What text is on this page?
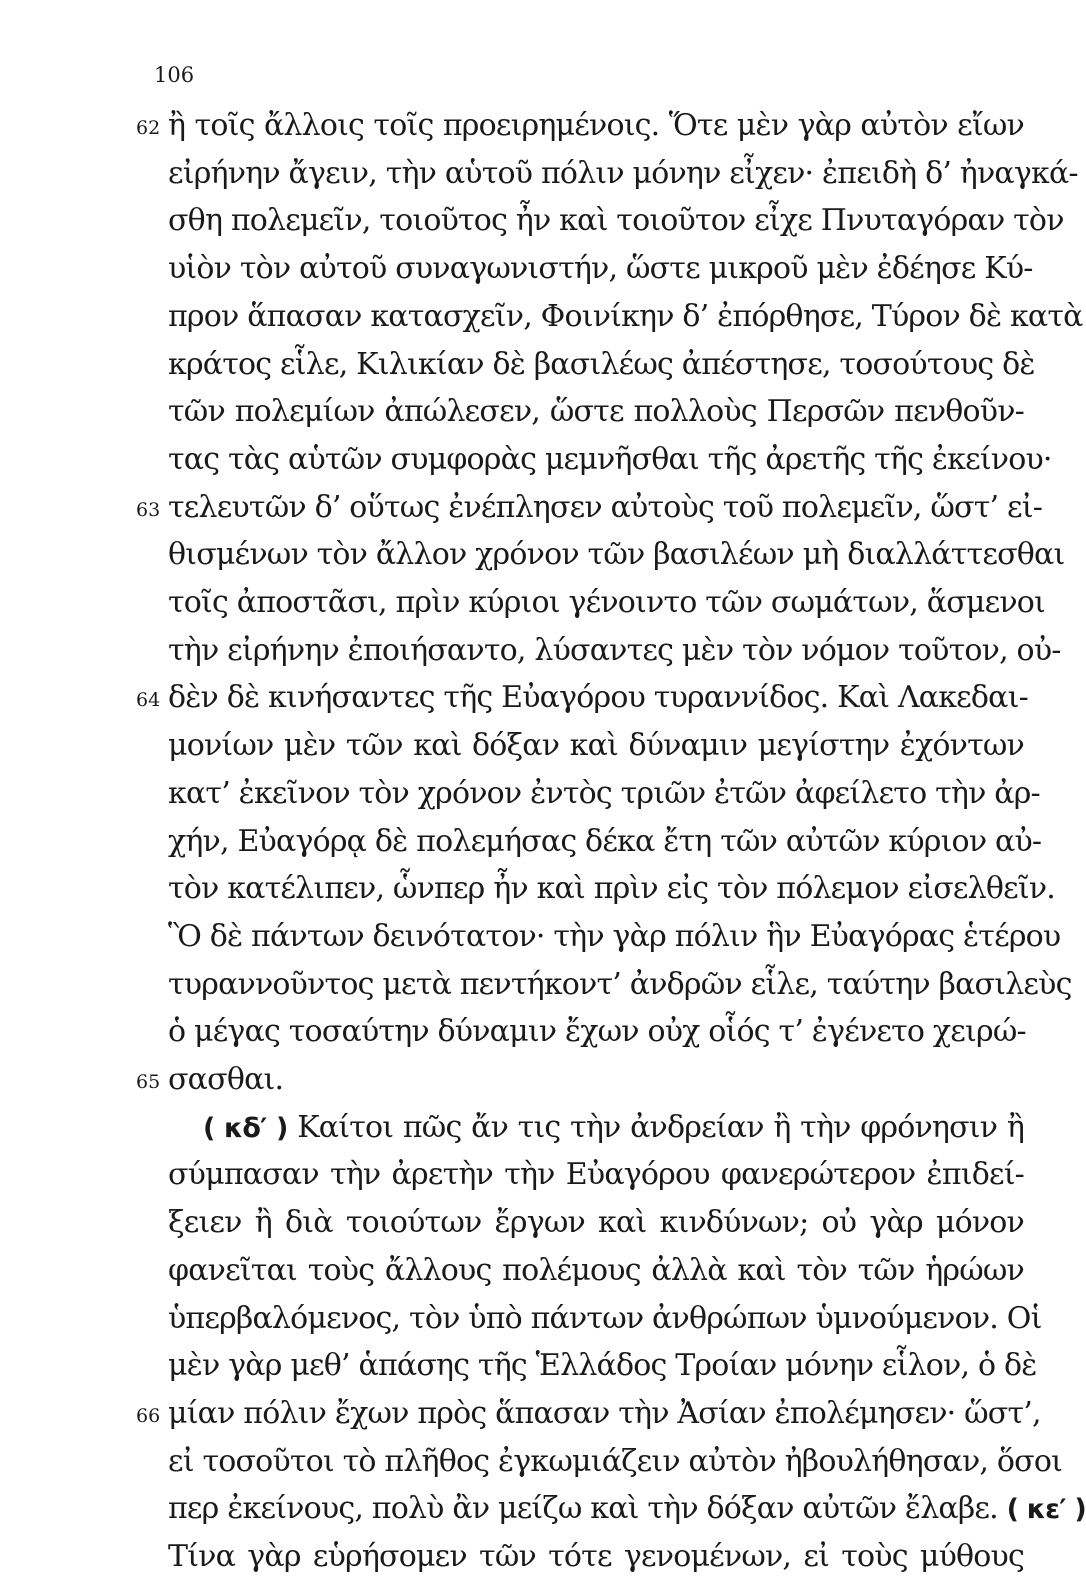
106
ἢ τοῖς ἄλλοις τοῖς προειρημένοις. Ὅτε μὲν γὰρ αὐτὸν εἴων
εἰρήνην ἄγειν, τὴν αὑτοῦ πόλιν μόνην εἶχεν· ἐπειδὴ δ’ ἠναγκά-
σθη πολεμεῖν, τοιοῦτος ἦν καὶ τοιοῦτον εἶχε Πνυταγόραν τὸν
υἱὸν τὸν αὐτοῦ συναγωνιστήν, ὥστε μικροῦ μὲν ἐδέησε Κύ-
προν ἅπασαν κατασχεῖν, Φοινίκην δ’ ἐπόρθησε, Τύρον δὲ κατὰ
κράτος εἷλε, Κιλικίαν δὲ βασιλέως ἀπέστησε, τοσούτους δὲ
τῶν πολεμίων ἀπώλεσεν, ὥστε πολλοὺς Περσῶν πενθοῦν-
τας τὰς αὑτῶν συμφορὰς μεμνῆσθαι τῆς ἀρετῆς τῆς ἐκείνου·
τελευτῶν δ’ οὕτως ἐνέπλησεν αὐτοὺς τοῦ πολεμεῖν, ὥστ’ εἰ-
θισμένων τὸν ἄλλον χρόνον τῶν βασιλέων μὴ διαλλάττεσθαι
τοῖς ἀποστᾶσι, πρὶν κύριοι γένοιντο τῶν σωμάτων, ἅσμενοι
τὴν εἰρήνην ἐποιήσαντο, λύσαντες μὲν τὸν νόμον τοῦτον, οὐ-
δὲν δὲ κινήσαντες τῆς Εὐαγόρου τυραννίδος. Καὶ Λακεδαι-
μονίων μὲν τῶν καὶ δόξαν καὶ δύναμιν μεγίστην ἐχόντων
κατ’ ἐκεῖνον τὸν χρόνον ἐντὸς τριῶν ἐτῶν ἀφείλετο τὴν ἀρ-
χήν, Εὐαγόρᾳ δὲ πολεμήσας δέκα ἔτη τῶν αὐτῶν κύριον αὐ-
τὸν κατέλιπεν, ὧνπερ ἦν καὶ πρὶν εἰς τὸν πόλεμον εἰσελθεῖν.
Ὃ δὲ πάντων δεινότατον· τὴν γὰρ πόλιν ἣν Εὐαγόρας ἑτέρου
τυραννοῦντος μετὰ πεντήκοντ’ ἀνδρῶν εἷλε, ταύτην βασιλεὺς
ὁ μέγας τοσαύτην δύναμιν ἔχων οὐχ οἷός τ’ ἐγένετο χειρώ-
σασθαι.
( κδ′ ) Καίτοι πῶς ἄν τις τὴν ἀνδρείαν ἢ τὴν φρόνησιν ἢ
σύμπασαν τὴν ἀρετὴν τὴν Εὐαγόρου φανερώτερον ἐπιδεί-
ξειεν ἢ διὰ τοιούτων ἔργων καὶ κινδύνων; οὐ γὰρ μόνον
φανεῖται τοὺς ἄλλους πολέμους ἀλλὰ καὶ τὸν τῶν ἡρώων
ὑπερβαλόμενος, τὸν ὑπὸ πάντων ἀνθρώπων ὑμνούμενον. Οἱ
μὲν γὰρ μεθ’ ἁπάσης τῆς Ἑλλάδος Τροίαν μόνην εἷλον, ὁ δὲ
μίαν πόλιν ἔχων πρὸς ἅπασαν τὴν Ἀσίαν ἐπολέμησεν· ὥστ’,
εἰ τοσοῦτοι τὸ πλῆθος ἐγκωμιάζειν αὐτὸν ἠβουλήθησαν, ὅσοι
περ ἐκείνους, πολὺ ἂν μείζω καὶ τὴν δόξαν αὐτῶν ἔλαβε. ( κε′ )
Τίνα γὰρ εὑρήσομεν τῶν τότε γενομένων, εἰ τοὺς μύθους
62
63
64
65
66
